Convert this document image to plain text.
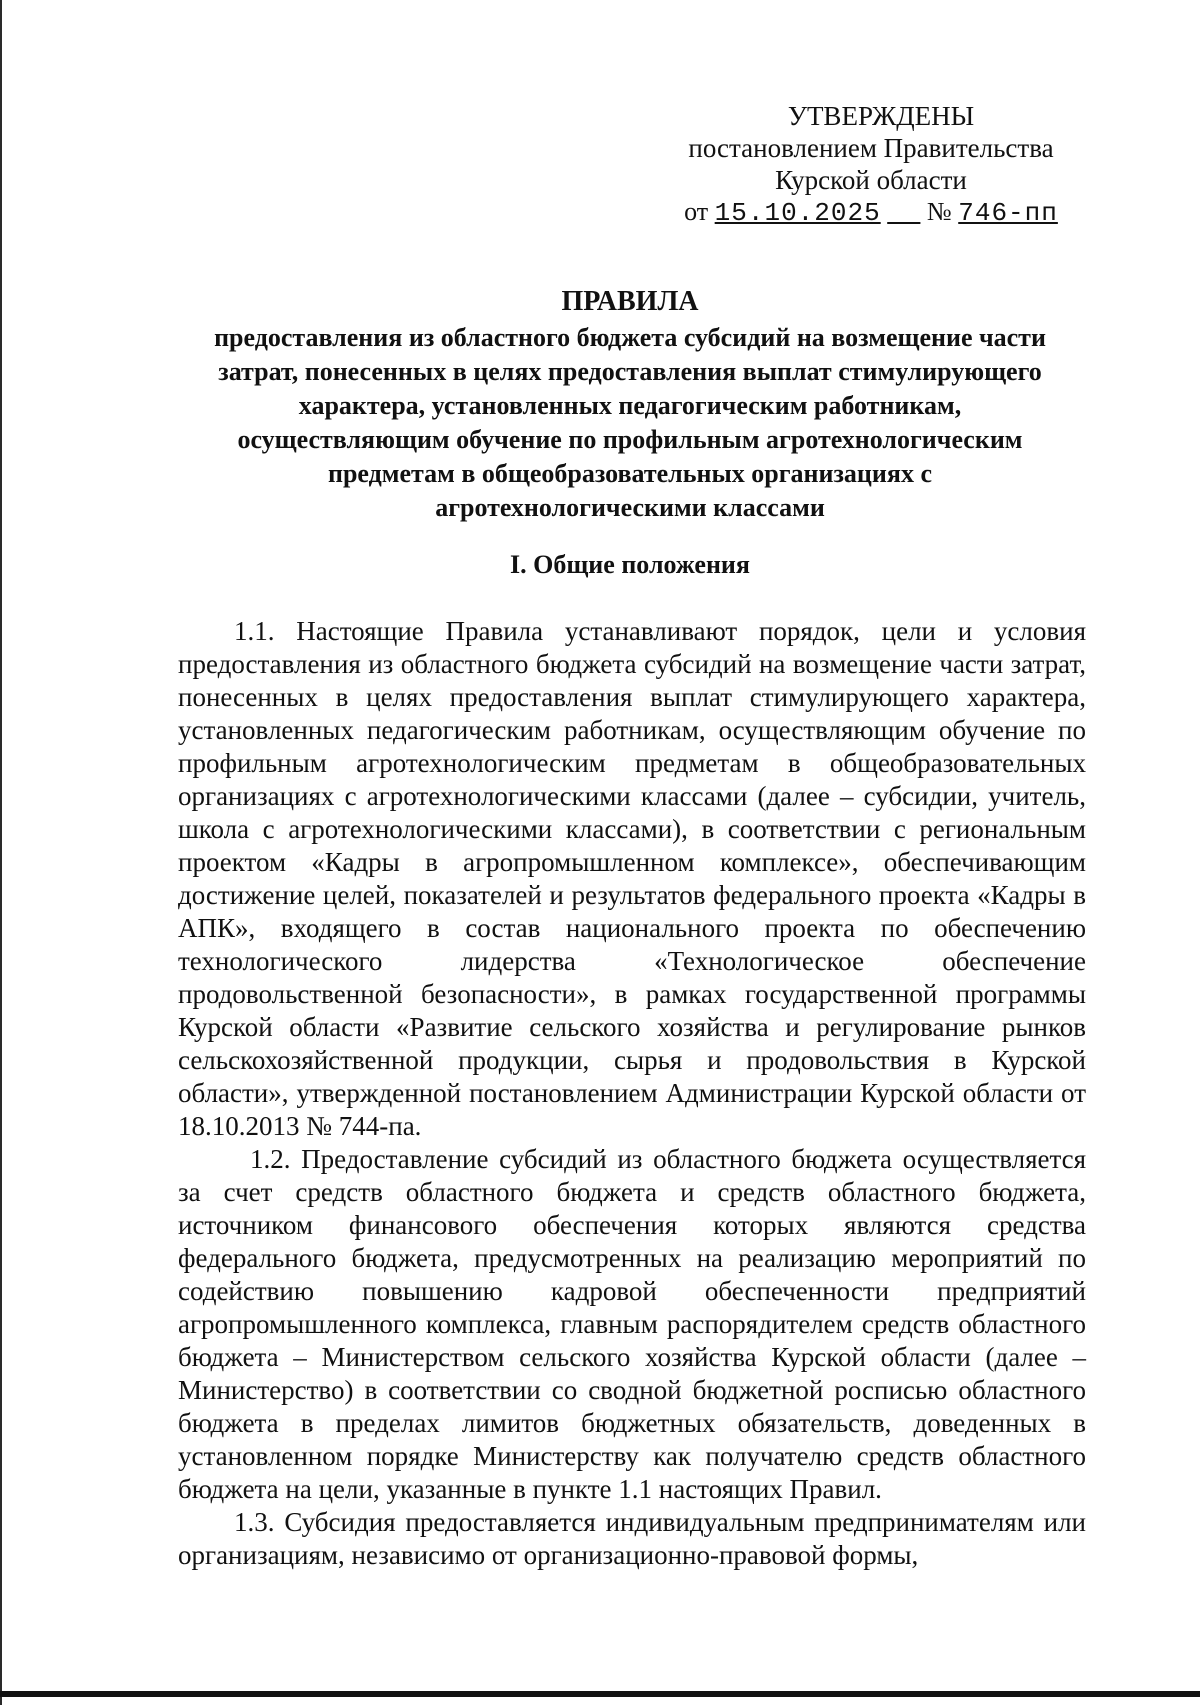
УТВЕРЖДЕНЫ
постановлением Правительства
Курской области
от 15.10.2025 № 746-пп
ПРАВИЛА
предоставления из областного бюджета субсидий на возмещение части
затрат, понесенных в целях предоставления выплат стимулирующего
характера, установленных педагогическим работникам,
осуществляющим обучение по профильным агротехнологическим
предметам в общеобразовательных организациях с
агротехнологическими классами
I. Общие положения

1.1. Настоящие Правила устанавливают порядок, цели и условия предоставления из областного бюджета субсидий на возмещение части затрат, понесенных в целях предоставления выплат стимулирующего характера, установленных педагогическим работникам, осуществляющим обучение по профильным агротехнологическим предметам в общеобразовательных организациях с агротехнологическими классами (далее – субсидии, учитель, школа с агротехнологическими классами), в соответствии с региональным проектом «Кадры в агропромышленном комплексе», обеспечивающим достижение целей, показателей и результатов федерального проекта «Кадры в АПК», входящего в состав национального проекта по обеспечению технологического лидерства «Технологическое обеспечение продовольственной безопасности», в рамках государственной программы Курской области «Развитие сельского хозяйства и регулирование рынков сельскохозяйственной продукции, сырья и продовольствия в Курской области», утвержденной постановлением Администрации Курской области от 18.10.2013 № 744-па.

1.2. Предоставление субсидий из областного бюджета осуществляется за счет средств областного бюджета и средств областного бюджета, источником финансового обеспечения которых являются средства федерального бюджета, предусмотренных на реализацию мероприятий по содействию повышению кадровой обеспеченности предприятий агропромышленного комплекса, главным распорядителем средств областного бюджета – Министерством сельского хозяйства Курской области (далее – Министерство) в соответствии со сводной бюджетной росписью областного бюджета в пределах лимитов бюджетных обязательств, доведенных в установленном порядке Министерству как получателю средств областного бюджета на цели, указанные в пункте 1.1 настоящих Правил.

1.3. Субсидия предоставляется индивидуальным предпринимателям или организациям, независимо от организационно-правовой формы,
